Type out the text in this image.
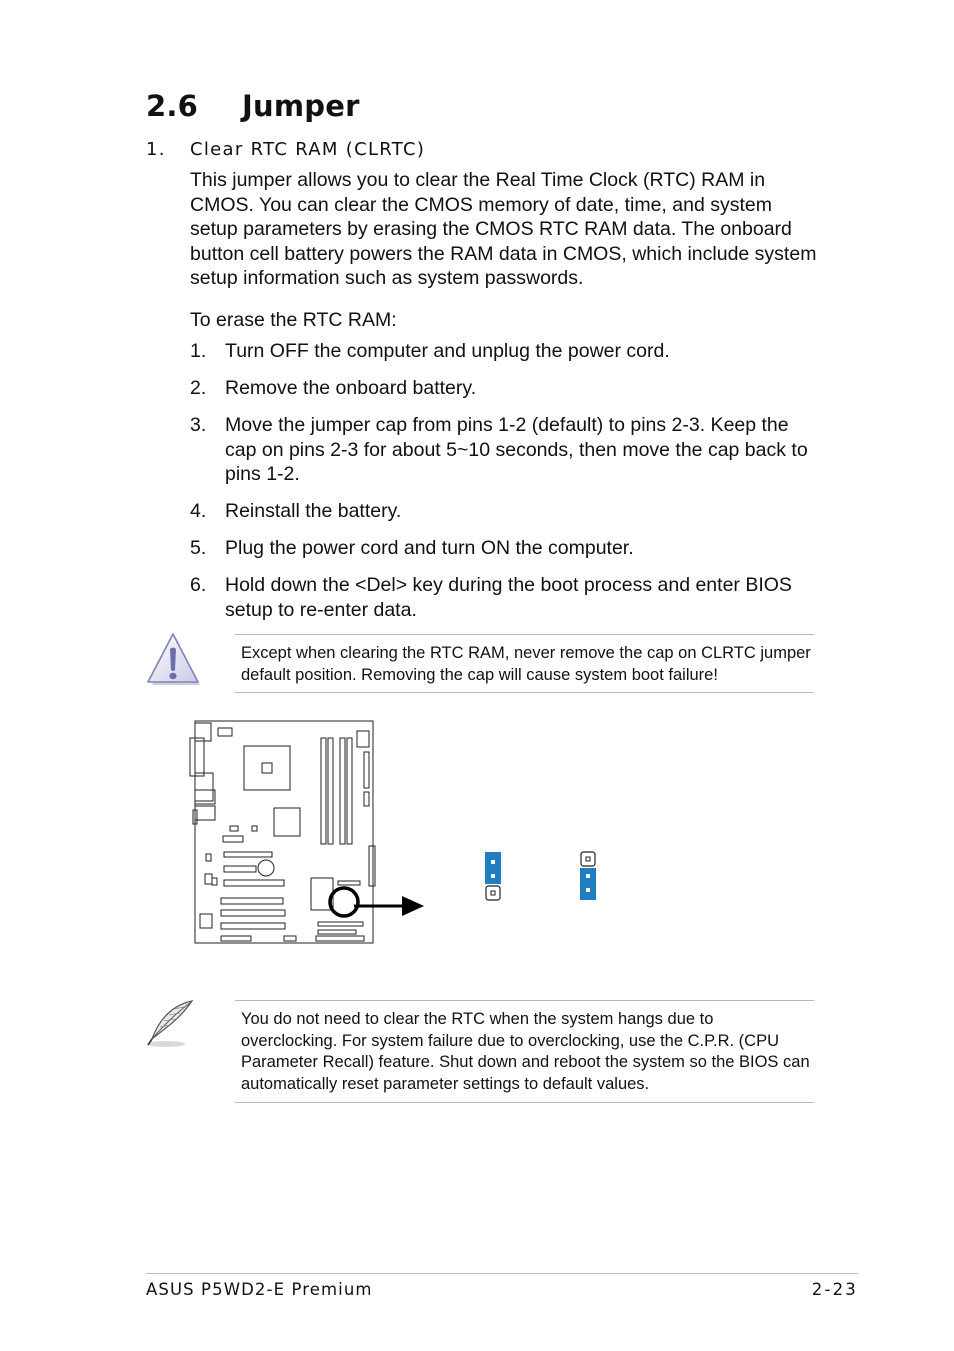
2.6 Jumper
1. Clear RTC RAM (CLRTC)

This jumper allows you to clear the Real Time Clock (RTC) RAM in CMOS. You can clear the CMOS memory of date, time, and system setup parameters by erasing the CMOS RTC RAM data. The onboard button cell battery powers the RAM data in CMOS, which include system setup information such as system passwords.

To erase the RTC RAM:

1. Turn OFF the computer and unplug the power cord.
2. Remove the onboard battery.
3. Move the jumper cap from pins 1-2 (default) to pins 2-3. Keep the cap on pins 2-3 for about 5~10 seconds, then move the cap back to pins 1-2.
4. Reinstall the battery.
5. Plug the power cord and turn ON the computer.
6. Hold down the <Del> key during the boot process and enter BIOS setup to re-enter data.
Except when clearing the RTC RAM, never remove the cap on CLRTC jumper default position. Removing the cap will cause system boot failure!
You do not need to clear the RTC when the system hangs due to overclocking. For system failure due to overclocking, use the C.P.R. (CPU Parameter Recall) feature. Shut down and reboot the system so the BIOS can automatically reset parameter settings to default values.
ASUS P5WD2-E Premium	2-23
